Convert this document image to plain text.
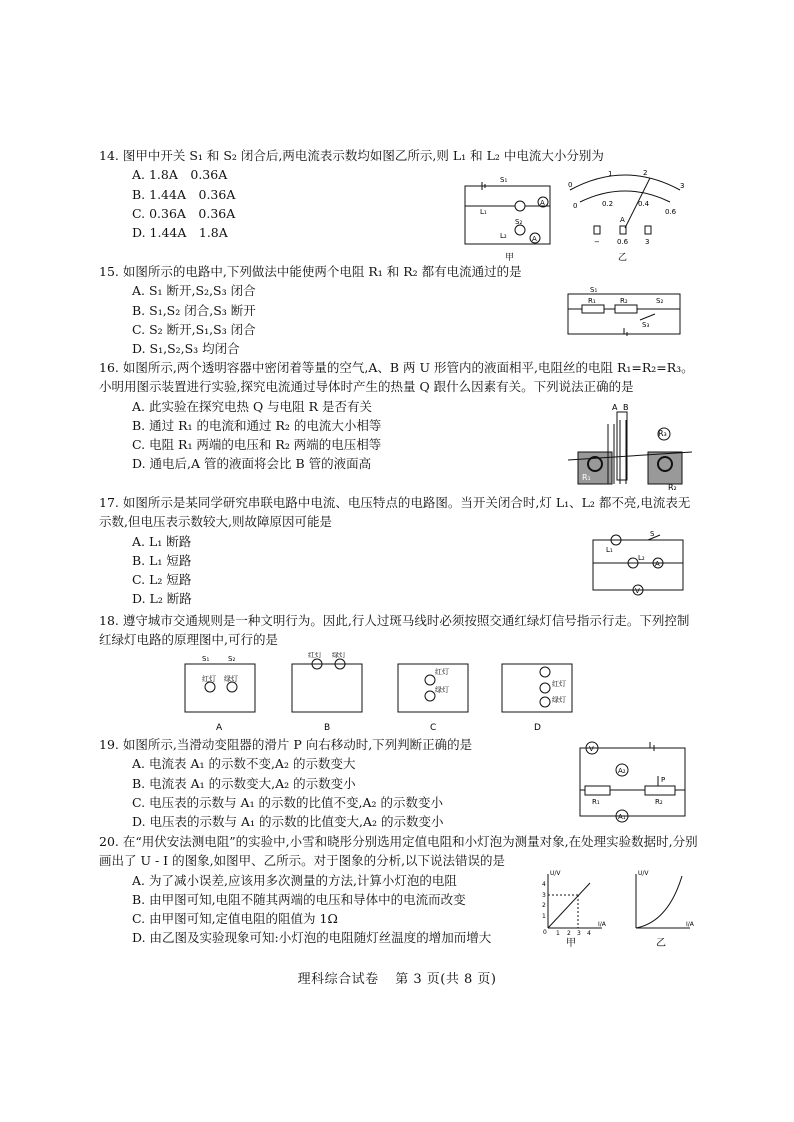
14. 图甲中开关 S₁ 和 S₂ 闭合后,两电流表示数均如图乙所示,则 L₁ 和 L₂ 中电流大小分别为
A. 1.8A　0.36A
B. 1.44A　0.36A
C. 0.36A　0.36A
D. 1.44A　1.8A
S₁
S₂
L₁
L₂
A
A
甲
0
1	2
3
0	0.2	0.4
0.6
A
− 0.6 3
乙
15. 如图所示的电路中,下列做法中能使两个电阻 R₁ 和 R₂ 都有电流通过的是
A. S₁ 断开,S₂,S₃ 闭合
B. S₁,S₂ 闭合,S₃ 断开
C. S₂ 断开,S₁,S₃ 闭合
D. S₁,S₂,S₃ 均闭合
S₁
R₁	R₂	S₂
S₃
16. 如图所示,两个透明容器中密闭着等量的空气,A、B 两 U 形管内的液面相平,电阻丝的电阻 R₁=R₂=R₃。小明用图示装置进行实验,探究电流通过导体时产生的热量 Q 跟什么因素有关。下列说法正确的是
A. 此实验在探究电热 Q 与电阻 R 是否有关
B. 通过 R₁ 的电流和通过 R₂ 的电流大小相等
C. 电阻 R₁ 两端的电压和 R₂ 两端的电压相等
D. 通电后,A 管的液面将会比 B 管的液面高
A B
R₁
R₂
R₃
17. 如图所示是某同学研究串联电路中电流、电压特点的电路图。当开关闭合时,灯 L₁、L₂ 都不亮,电流表无示数,但电压表示数较大,则故障原因可能是
A. L₁ 断路
B. L₁ 短路
C. L₂ 短路
D. L₂ 断路
L₁
S
L₂
A
V
18. 遵守城市交通规则是一种文明行为。因此,行人过斑马线时必须按照交通红绿灯信号指示行走。下列控制红绿灯电路的原理图中,可行的是
S₁	S₂
红灯 绿灯
红灯 绿灯
红灯
绿灯
红灯
绿灯
A	B	C	D
19. 如图所示,当滑动变阻器的滑片 P 向右移动时,下列判断正确的是
A. 电流表 A₁ 的示数不变,A₂ 的示数变大
B. 电流表 A₁ 的示数变大,A₂ 的示数变小
C. 电压表的示数与 A₁ 的示数的比值不变,A₂ 的示数变小
D. 电压表的示数与 A₁ 的示数的比值变大,A₂ 的示数变小
V
A₂
P
R₁	R₂
A₁
20. 在“用伏安法测电阻”的实验中,小雪和晓彤分别选用定值电阻和小灯泡为测量对象,在处理实验数据时,分别画出了 U - I 的图象,如图甲、乙所示。对于图象的分析,以下说法错误的是
A. 为了减小误差,应该用多次测量的方法,计算小灯泡的电阻
B. 由甲图可知,电阻不随其两端的电压和导体中的电流而改变
C. 由甲图可知,定值电阻的阻值为 1Ω
D. 由乙图及实验现象可知:小灯泡的电阻随灯丝温度的增加而增大
U/V
I/A
U/V
I/A
0 1 2 3 4
1
2
3
4
甲	乙
理科综合试卷 第 3 页(共 8 页)
